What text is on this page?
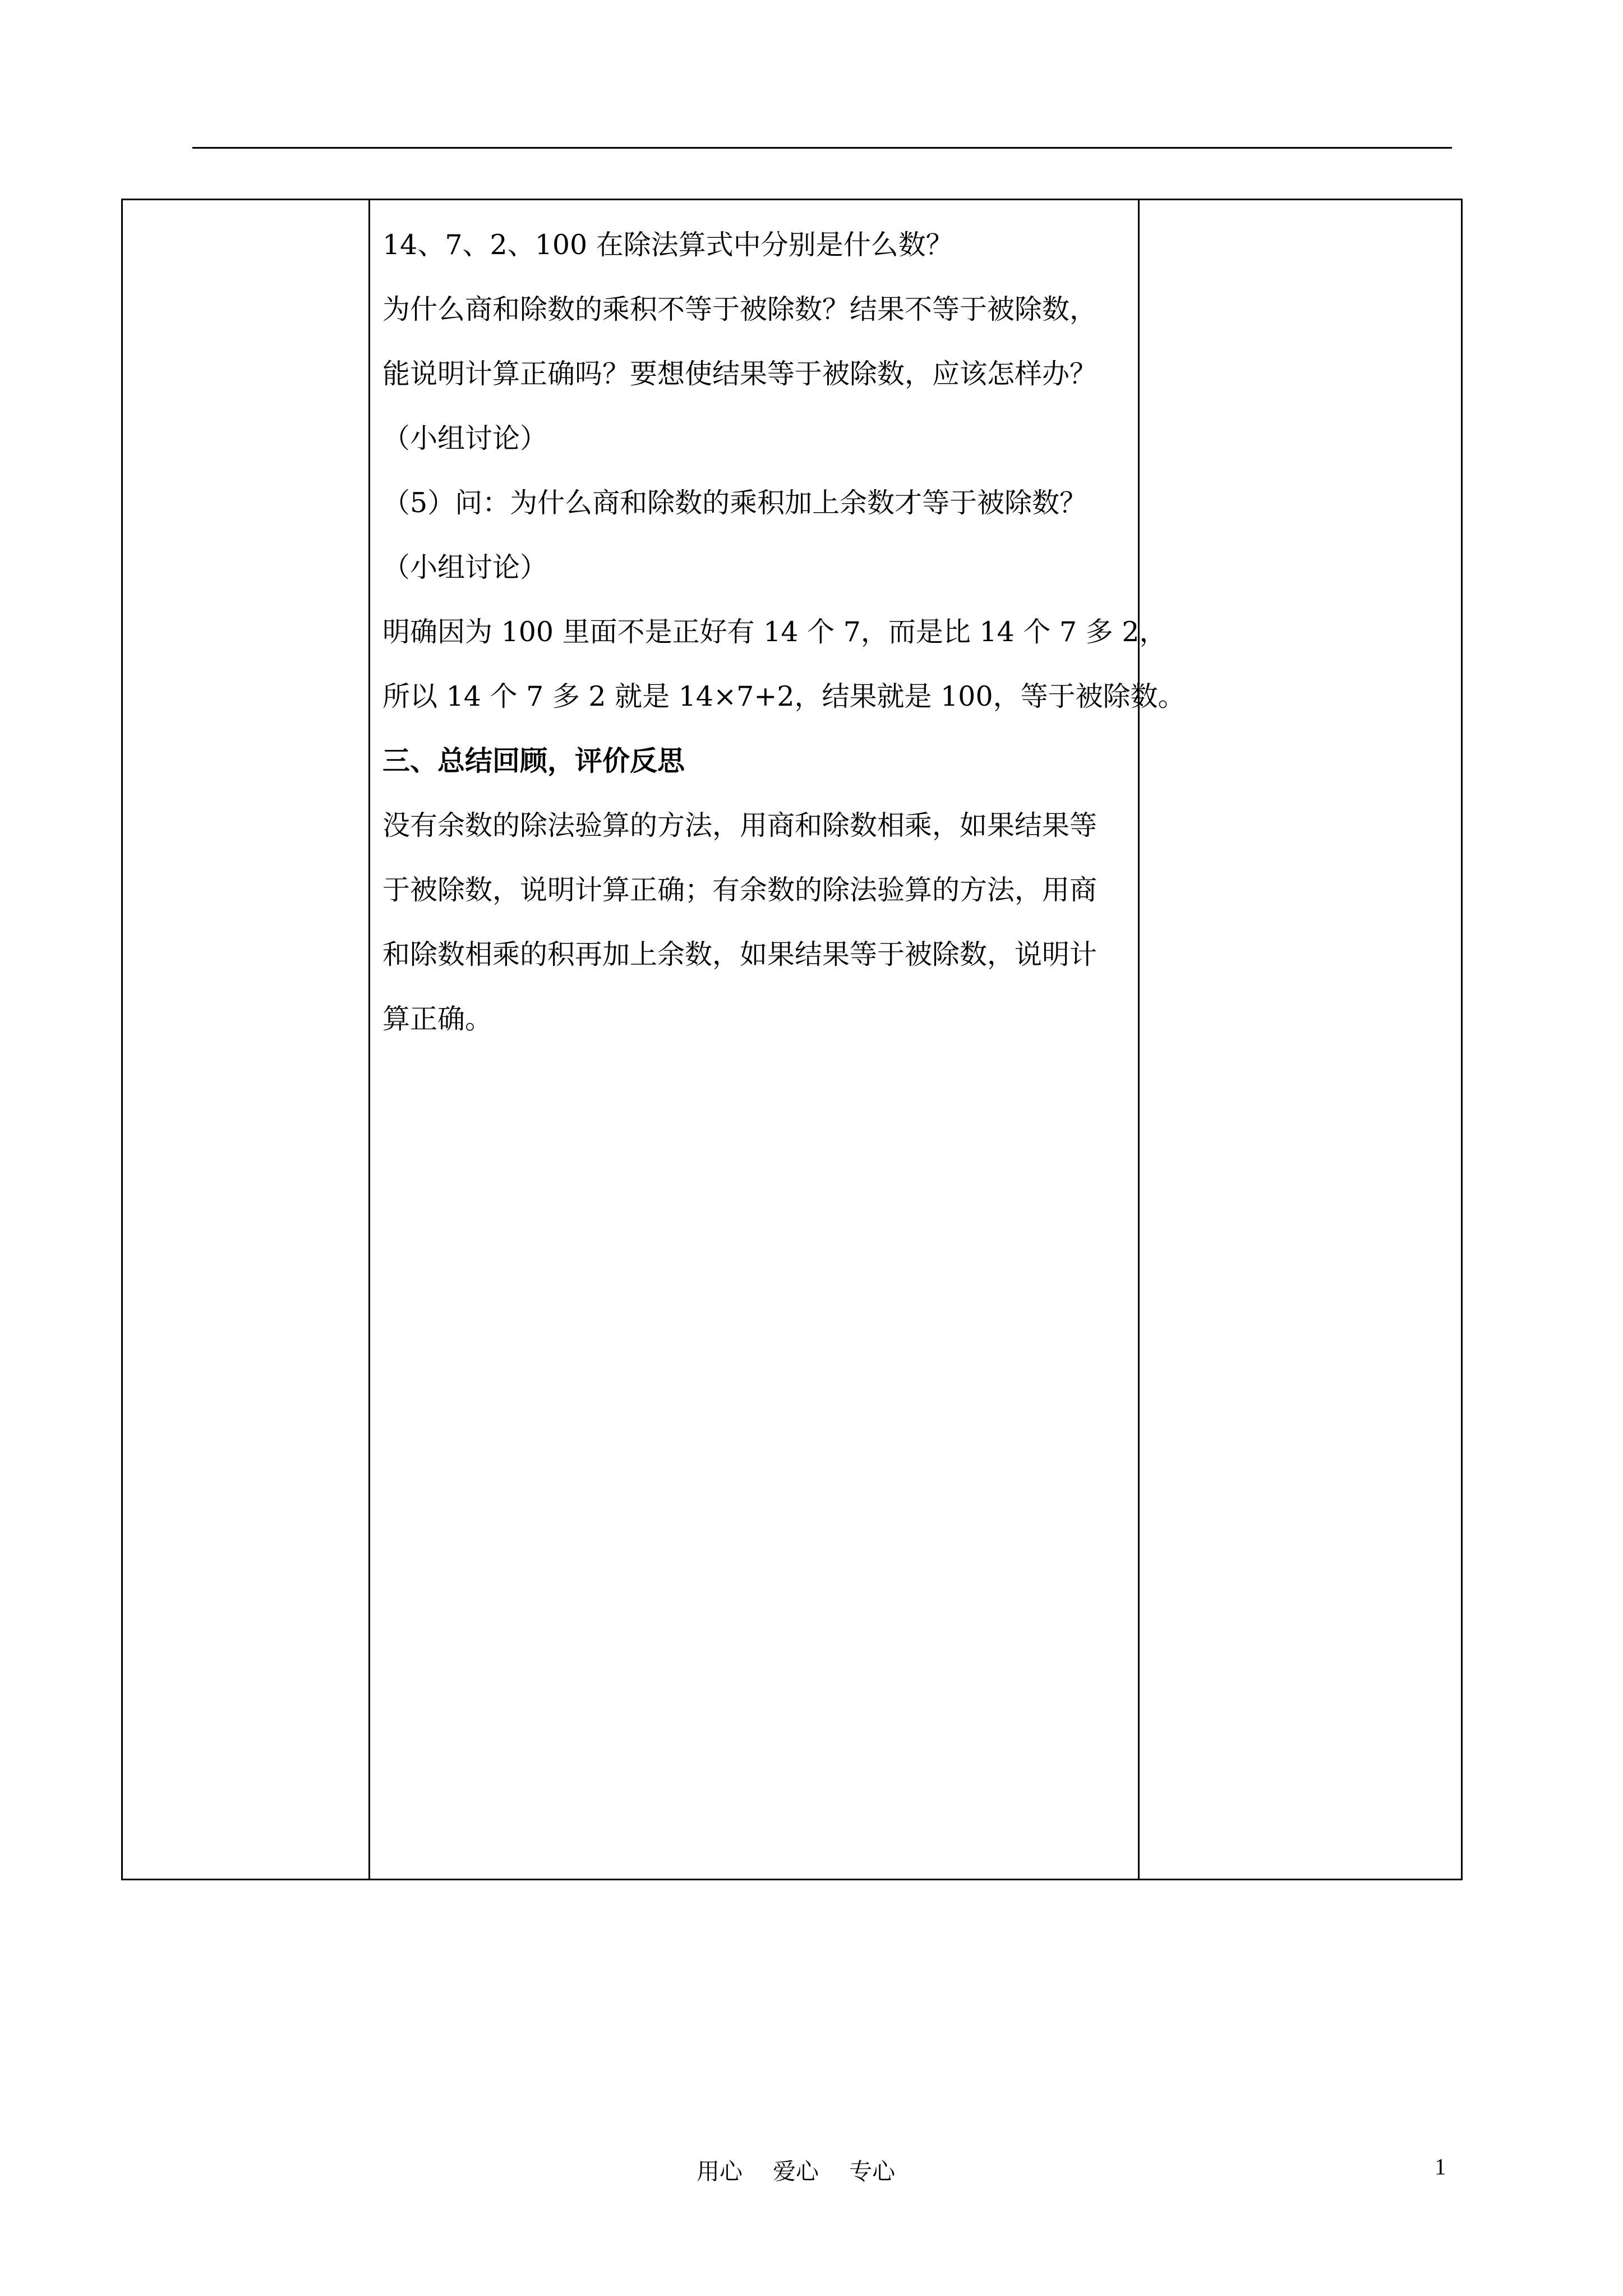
14、7、2、100 在除法算式中分别是什么数？

为什么商和除数的乘积不等于被除数？结果不等于被除数，

能说明计算正确吗？要想使结果等于被除数，应该怎样办？

（小组讨论）

（5）问：为什么商和除数的乘积加上余数才等于被除数？

（小组讨论）

明确因为 100 里面不是正好有 14 个 7，而是比 14 个 7 多 2，

所以 14 个 7 多 2 就是 14×7+2，结果就是 100，等于被除数。

三、总结回顾，评价反思

没有余数的除法验算的方法，用商和除数相乘，如果结果等

于被除数，说明计算正确；有余数的除法验算的方法，用商

和除数相乘的积再加上余数，如果结果等于被除数，说明计

算正确。

用心　 爱心　 专心	1
